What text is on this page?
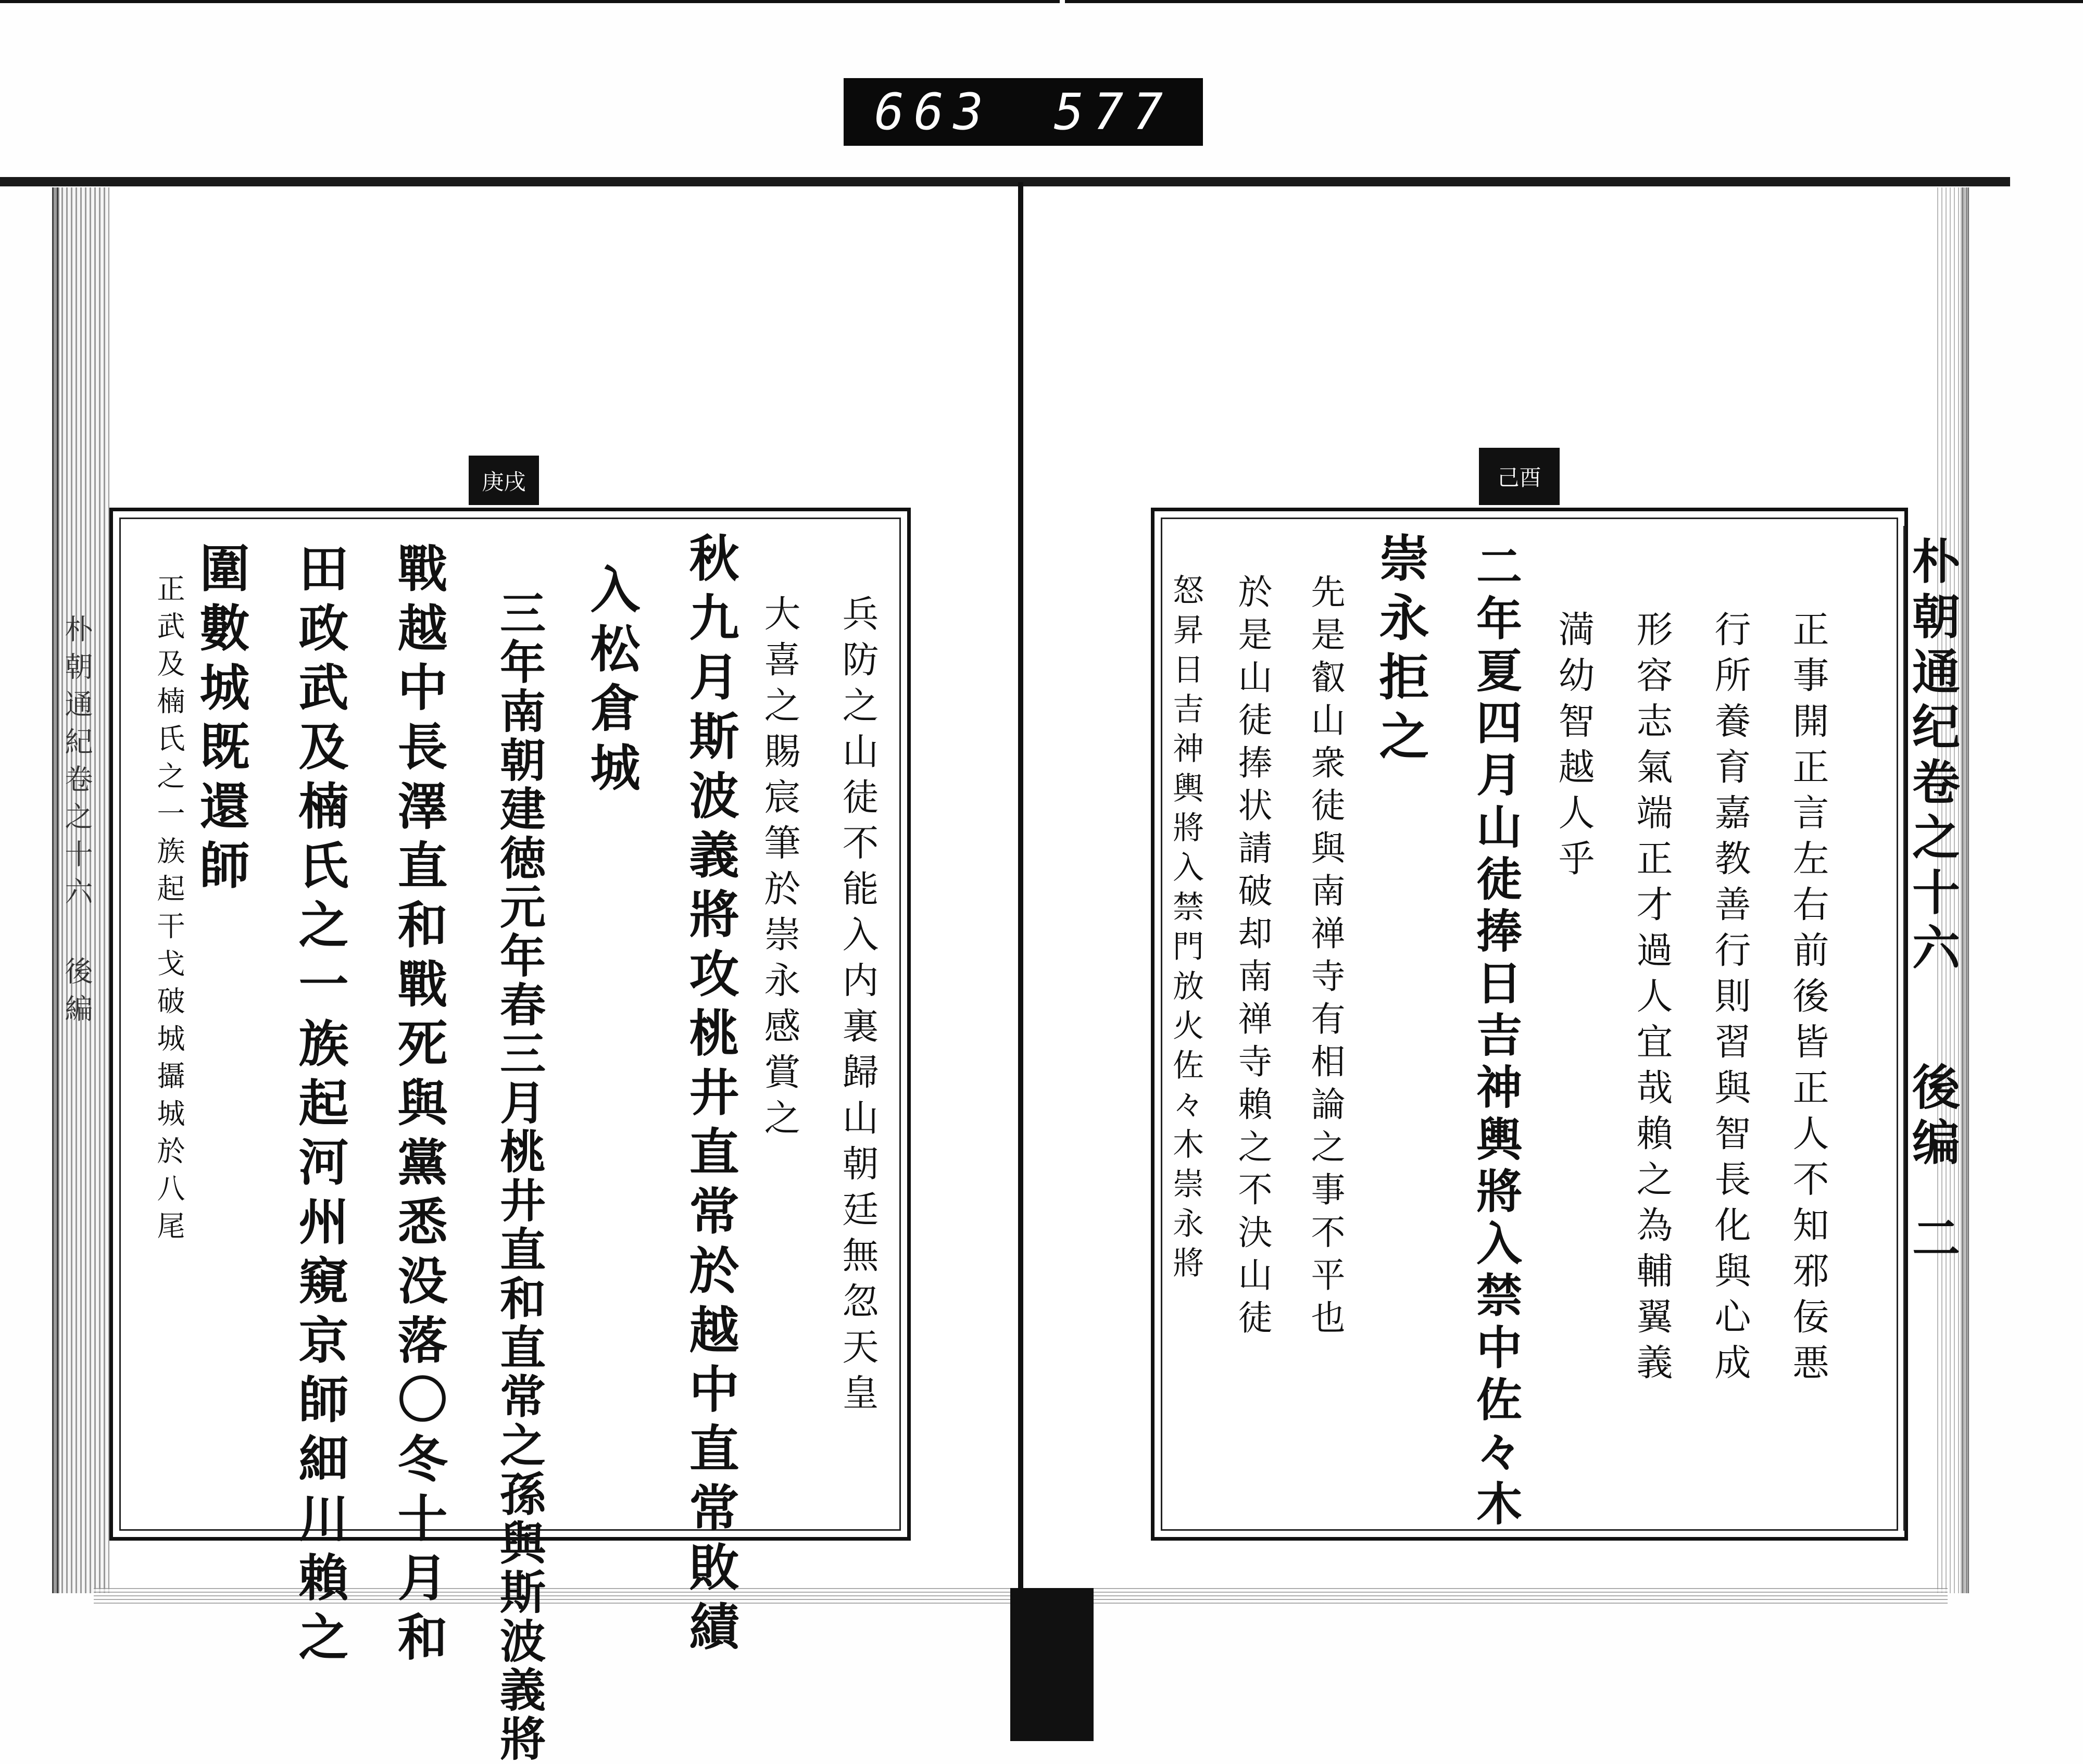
663 577
朴朝通紀卷之十六 後編
庚戌
兵防之山徒不能入内裏歸山朝廷無忽天皇
大喜之賜宸筆於崇永感賞之
秋九月斯波義將攻桃井直常於越中直常敗績
入松倉城
三年南朝建徳元年春三月桃井直和直常之孫與斯波義將
戰越中長澤直和戰死與黨悉没落〇冬十月和
田政武及楠氏之一族起河州窺京師細川賴之
圍數城既還師
正武及楠氏之一族起干戈破城攝城於八尾
己酉
正事開正言左右前後皆正人不知邪佞悪
行所養育嘉教善行則習與智長化與心成
形容志氣端正才過人宜哉賴之為輔翼義
満幼智越人乎
二年夏四月山徒捧日吉神輿將入禁中佐々木
崇永拒之
先是叡山衆徒與南禅寺有相論之事不平也
於是山徒捧状請破却南禅寺賴之不決山徒
怒昇日吉神輿將入禁門放火佐々木崇永將	朴朝通纪卷之十六
後编
二
